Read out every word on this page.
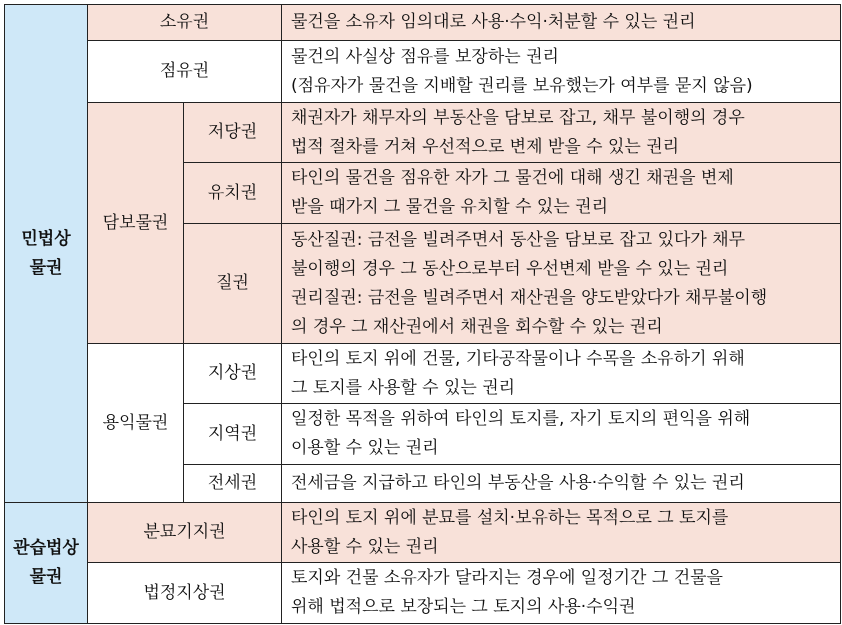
민법상
물권	소유권		물건을 소유자 임의대로 사용·수익·처분할 수 있는 권리

	점유권		물건의 사실상 점유를 보장하는 권리
(점유자가 물건을 지배할 권리를 보유했는가 여부를 묻지 않음)

	담보물권	저당권	채권자가 채무자의 부동산을 담보로 잡고, 채무 불이행의 경우
법적 절차를 거쳐 우선적으로 변제 받을 수 있는 권리

		유치권	타인의 물건을 점유한 자가 그 물건에 대해 생긴 채권을 변제
받을 때가지 그 물건을 유치할 수 있는 권리

		질권	동산질권: 금전을 빌려주면서 동산을 담보로 잡고 있다가 채무
불이행의 경우 그 동산으로부터 우선변제 받을 수 있는 권리
권리질권: 금전을 빌려주면서 재산권을 양도받았다가 채무불이행
의 경우 그 재산권에서 채권을 회수할 수 있는 권리

	용익물권	지상권	타인의 토지 위에 건물, 기타공작물이나 수목을 소유하기 위해
그 토지를 사용할 수 있는 권리

		지역권	일정한 목적을 위하여 타인의 토지를, 자기 토지의 편익을 위해
이용할 수 있는 권리

		전세권	전세금을 지급하고 타인의 부동산을 사용·수익할 수 있는 권리

관습법상
물권	분묘기지권		타인의 토지 위에 분묘를 설치·보유하는 목적으로 그 토지를
사용할 수 있는 권리

	법정지상권		토지와 건물 소유자가 달라지는 경우에 일정기간 그 건물을
위해 법적으로 보장되는 그 토지의 사용·수익권
